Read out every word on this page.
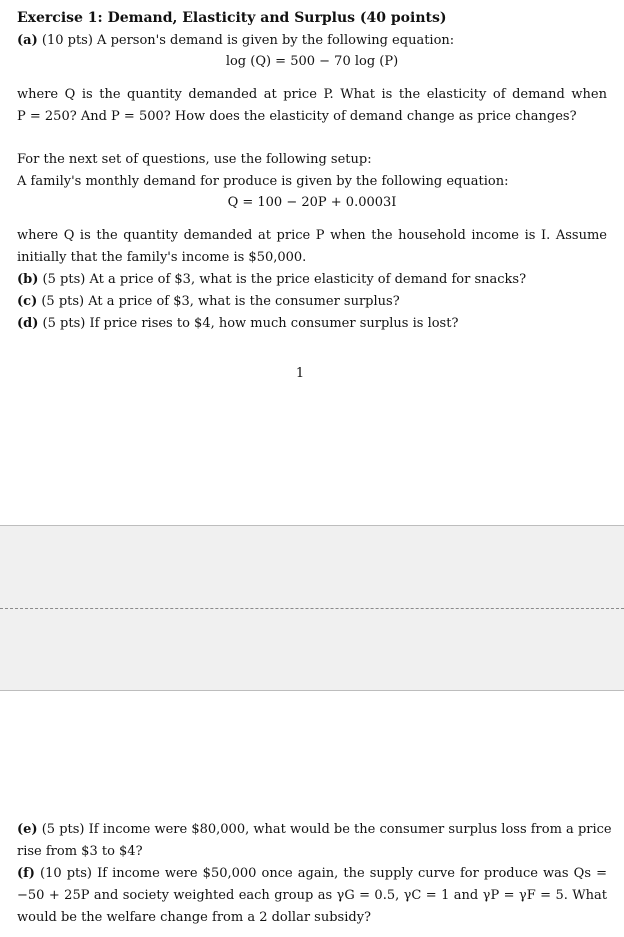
Exercise 1: Demand, Elasticity and Surplus (40 points)
(a) (10 pts) A person's demand is given by the following equation:
log (Q) = 500 − 70 log (P)
where Q is the quantity demanded at price P. What is the elasticity of demand when
P = 250? And P = 500? How does the elasticity of demand change as price changes?
For the next set of questions, use the following setup:
A family's monthly demand for produce is given by the following equation:
Q = 100 − 20P + 0.0003I
where Q is the quantity demanded at price P when the household income is I. Assume
initially that the family's income is $50,000.
(b) (5 pts) At a price of $3, what is the price elasticity of demand for snacks?
(c) (5 pts) At a price of $3, what is the consumer surplus?
(d) (5 pts) If price rises to $4, how much consumer surplus is lost?
1
(e) (5 pts) If income were $80,000, what would be the consumer surplus loss from a price
rise from $3 to $4?
(f) (10 pts) If income were $50,000 once again, the supply curve for produce was Qs =
−50 + 25P and society weighted each group as γG = 0.5, γC = 1 and γP = γF = 5. What
would be the welfare change from a 2 dollar subsidy?
